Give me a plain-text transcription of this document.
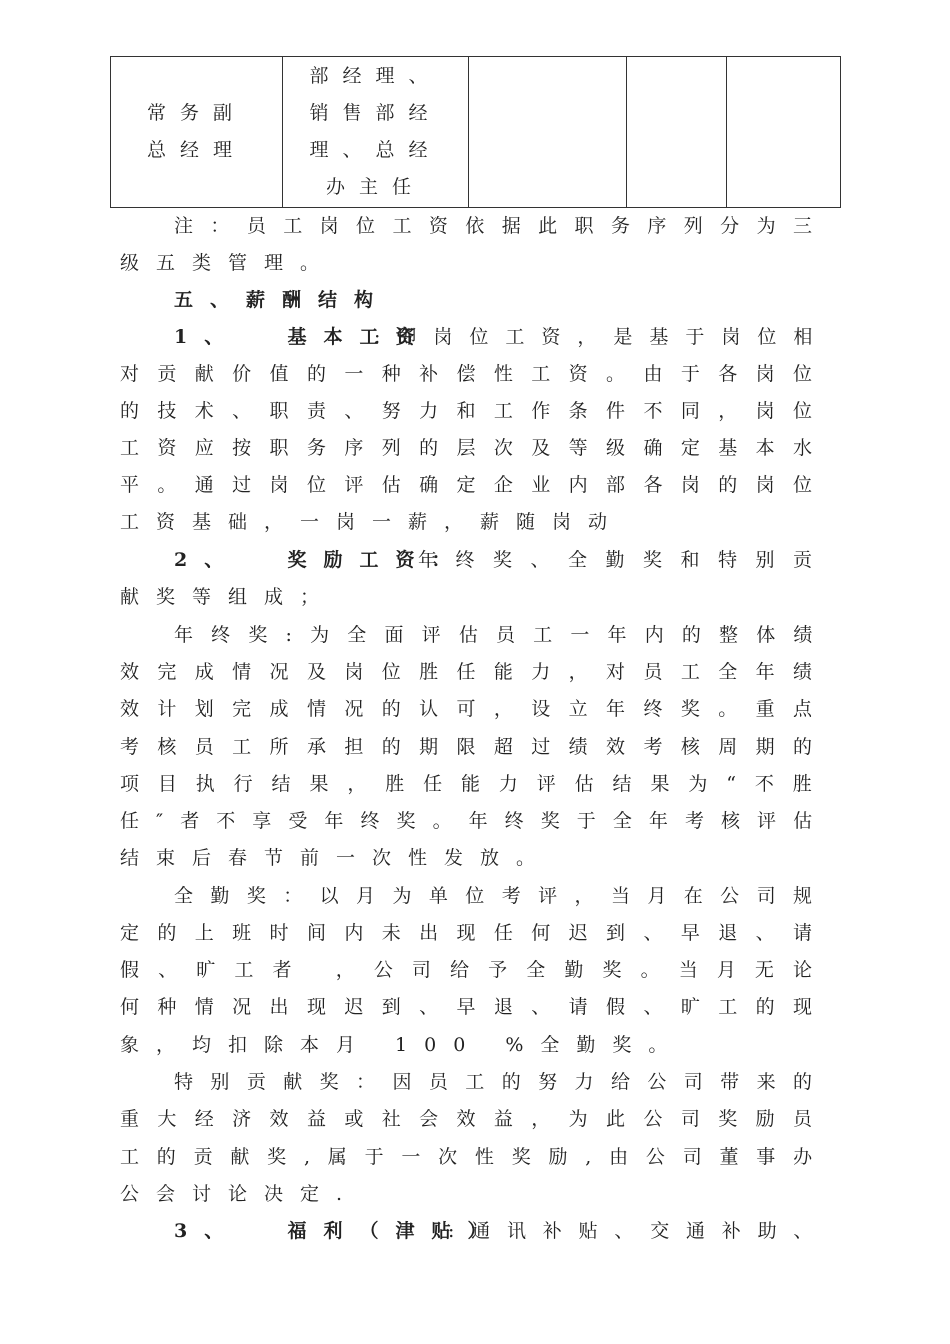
常务副
总经理

部经理、
销售部经
理、总经
办主任

注：员工岗位工资依据此职务序列分为三
级五类管理。
五、薪酬结构
1、  基本工资
:即岗位工资，是基于岗位相
对贡献价值的一种补偿性工资。由于各岗位
的技术、职责、努力和工作条件不同，岗位
工资应按职务序列的层次及等级确定基本水
平。通过岗位评估确定企业内部各岗的岗位
工资基础，一岗一薪，薪随岗动
2、  奖励工资：
年终奖、全勤奖和特别贡
献奖等组成；
年终奖:为全面评估员工一年内的整体绩
效完成情况及岗位胜任能力，对员工全年绩
效计划完成情况的认可，设立年终奖。重点
考核员工所承担的期限超过绩效考核周期的
项目执行结果，胜任能力评估结果为“不胜
任″者不享受年终奖。年终奖于全年考核评估
结束后春节前一次性发放。
全勤奖：以月为单位考评，当月在公司规
定的上班时间内未出现任何迟到、早退、请
假、旷工者 ，公司给予全勤奖。当月无论
何种情况出现迟到、早退、请假、旷工的现
象，均扣除本月 100 %全勤奖。
特别贡献奖：因员工的努力给公司带来的
重大经济效益或社会效益，为此公司奖励员
工的贡献奖,属于一次性奖励,由公司董事办
公会讨论决定.
3、  福利（津贴）
:通讯补贴、交通补助、
